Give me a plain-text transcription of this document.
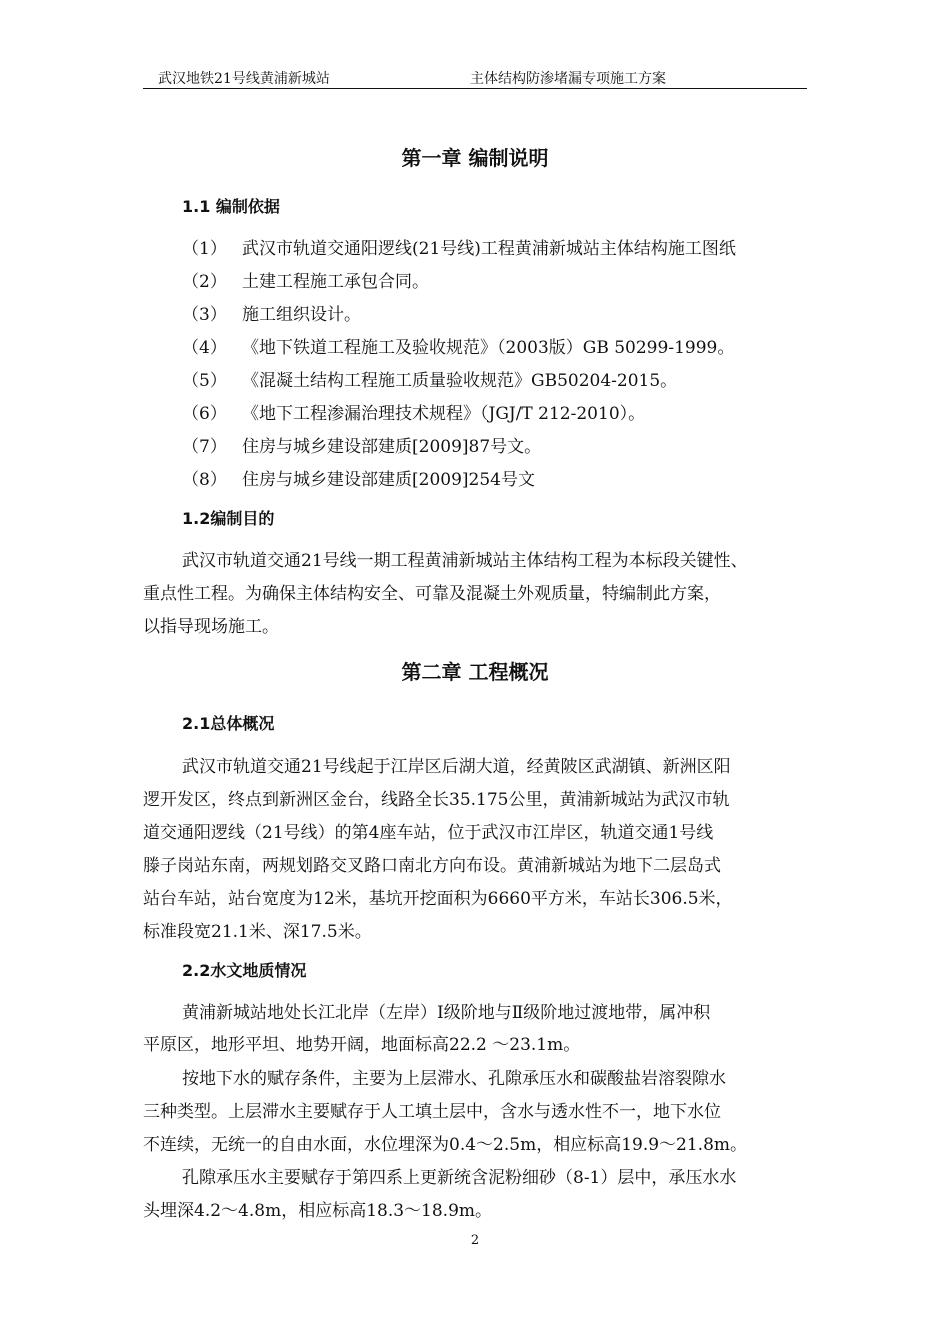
武汉地铁21号线黄浦新城站	主体结构防渗堵漏专项施工方案
第一章 编制说明
1.1 编制依据
（1） 武汉市轨道交通阳逻线(21号线)工程黄浦新城站主体结构施工图纸
（2） 土建工程施工承包合同。
（3） 施工组织设计。
（4） 《地下铁道工程施工及验收规范》（2003版）GB 50299-1999。
（5） 《混凝土结构工程施工质量验收规范》GB50204-2015。
（6） 《地下工程渗漏治理技术规程》（JGJ/T 212-2010）。
（7） 住房与城乡建设部建质[2009]87号文。
（8） 住房与城乡建设部建质[2009]254号文
1.2编制目的
武汉市轨道交通21号线一期工程黄浦新城站主体结构工程为本标段关键性、
重点性工程。为确保主体结构安全、可靠及混凝土外观质量，特编制此方案，
以指导现场施工。
第二章 工程概况
2.1总体概况
武汉市轨道交通21号线起于江岸区后湖大道，经黄陂区武湖镇、新洲区阳
逻开发区，终点到新洲区金台，线路全长35.175公里，黄浦新城站为武汉市轨
道交通阳逻线（21号线）的第4座车站，位于武汉市江岸区，轨道交通1号线
滕子岗站东南，两规划路交叉路口南北方向布设。黄浦新城站为地下二层岛式
站台车站，站台宽度为12米，基坑开挖面积为6660平方米，车站长306.5米，
标准段宽21.1米、深17.5米。
2.2水文地质情况
黄浦新城站地处长江北岸（左岸）Ⅰ级阶地与Ⅱ级阶地过渡地带，属冲积
平原区，地形平坦、地势开阔，地面标高22.2 ～23.1m。
按地下水的赋存条件，主要为上层滞水、孔隙承压水和碳酸盐岩溶裂隙水
三种类型。上层滞水主要赋存于人工填土层中，含水与透水性不一，地下水位
不连续，无统一的自由水面，水位埋深为0.4～2.5m，相应标高19.9～21.8m。
孔隙承压水主要赋存于第四系上更新统含泥粉细砂（8-1）层中，承压水水
头埋深4.2～4.8m，相应标高18.3～18.9m。
2
